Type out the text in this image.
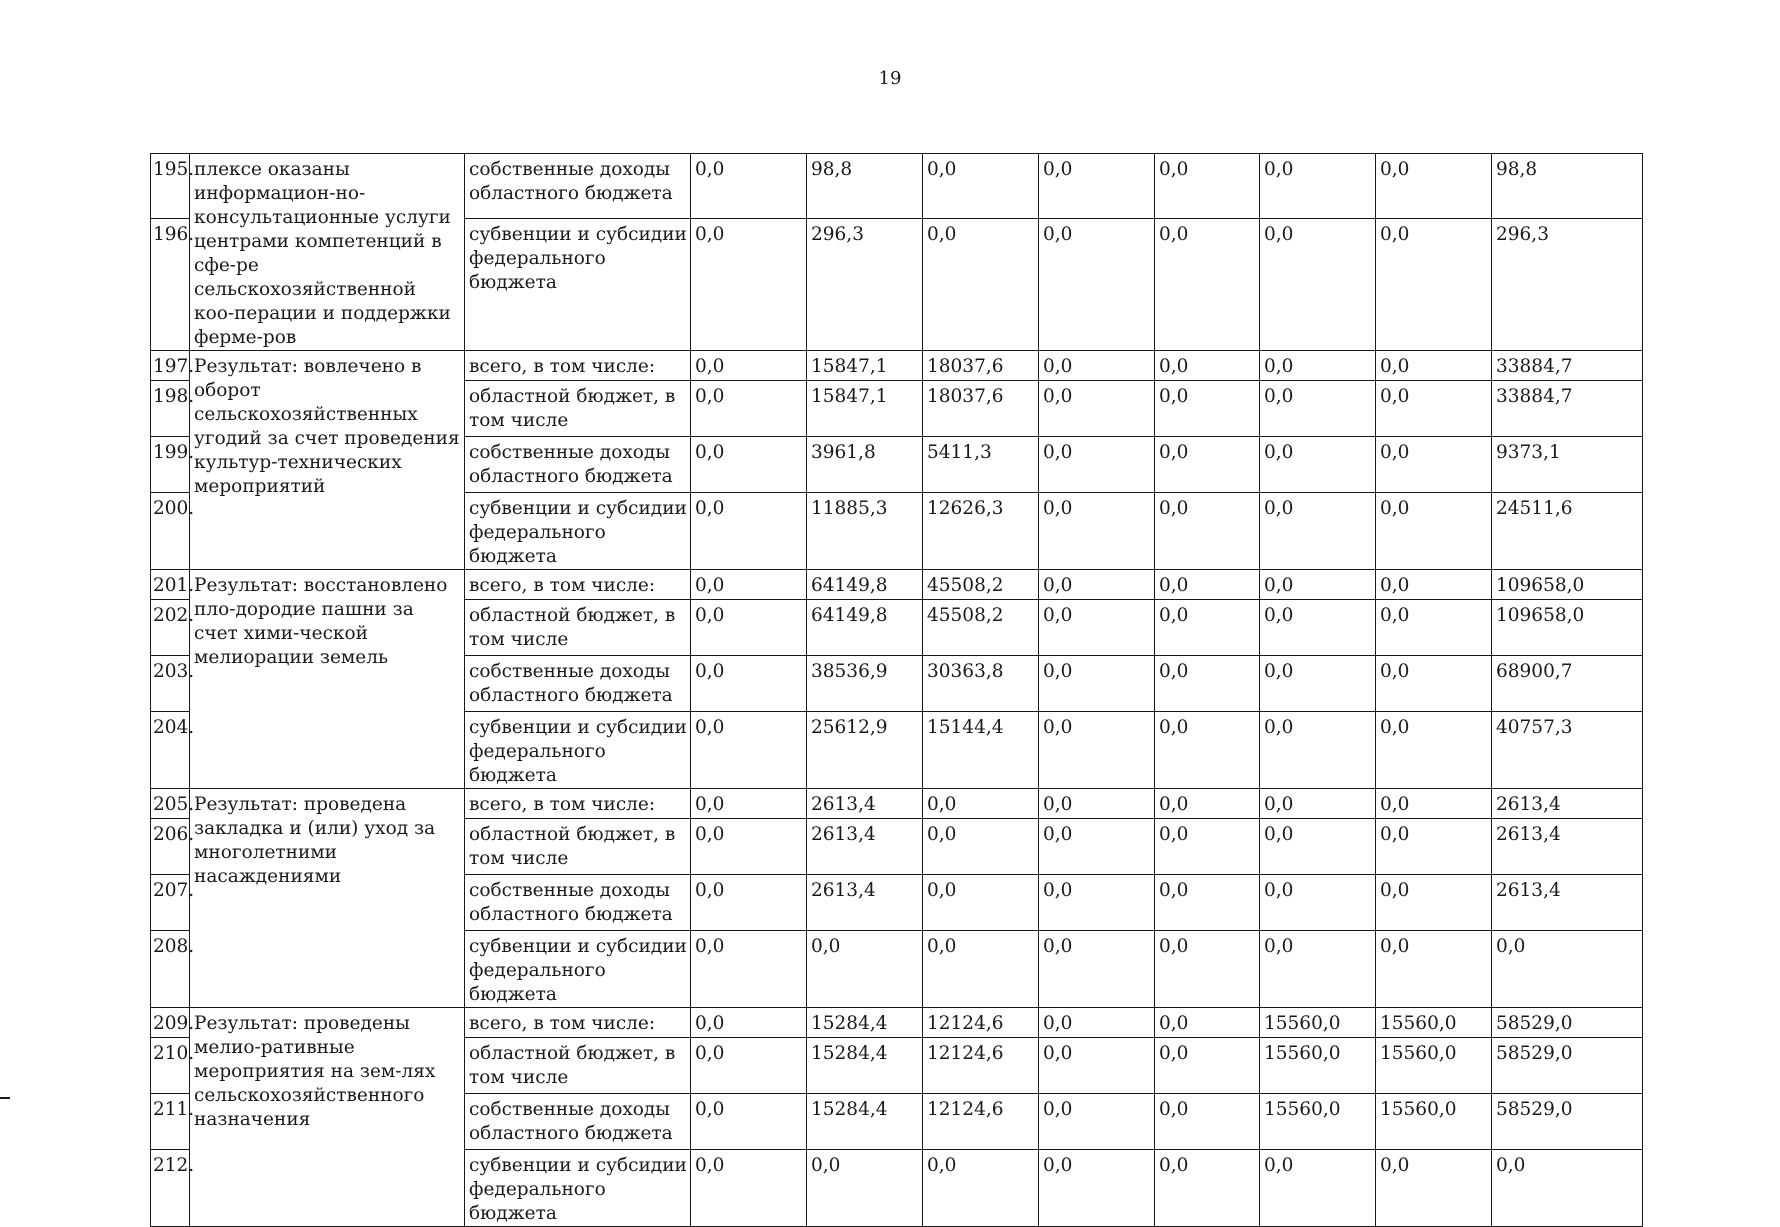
19
195.	плексе оказаны информацион-но-консультационные услуги центрами компетенций в сфе-ре сельскохозяйственной коо-перации и поддержки ферме-ров	собственные доходы областного бюджета	0,0	98,8	0,0	0,0	0,0	0,0	0,0	98,8
196.		субвенции и субсидии федерального бюджета	0,0	296,3	0,0	0,0	0,0	0,0	0,0	296,3
197.	Результат: вовлечено в оборот сельскохозяйственных угодий за счет проведения культур-технических мероприятий	всего, в том числе:	0,0	15847,1	18037,6	0,0	0,0	0,0	0,0	33884,7
198.		областной бюджет, в том числе	0,0	15847,1	18037,6	0,0	0,0	0,0	0,0	33884,7
199.		собственные доходы областного бюджета	0,0	3961,8	5411,3	0,0	0,0	0,0	0,0	9373,1
200.		субвенции и субсидии федерального бюджета	0,0	11885,3	12626,3	0,0	0,0	0,0	0,0	24511,6
201.	Результат: восстановлено пло-дородие пашни за счет хими-ческой мелиорации земель	всего, в том числе:	0,0	64149,8	45508,2	0,0	0,0	0,0	0,0	109658,0
202.		областной бюджет, в том числе	0,0	64149,8	45508,2	0,0	0,0	0,0	0,0	109658,0
203.		собственные доходы областного бюджета	0,0	38536,9	30363,8	0,0	0,0	0,0	0,0	68900,7
204.		субвенции и субсидии федерального бюджета	0,0	25612,9	15144,4	0,0	0,0	0,0	0,0	40757,3
205.	Результат: проведена закладка и (или) уход за многолетними насаждениями	всего, в том числе:	0,0	2613,4	0,0	0,0	0,0	0,0	0,0	2613,4
206.		областной бюджет, в том числе	0,0	2613,4	0,0	0,0	0,0	0,0	0,0	2613,4
207.		собственные доходы областного бюджета	0,0	2613,4	0,0	0,0	0,0	0,0	0,0	2613,4
208.		субвенции и субсидии федерального бюджета	0,0	0,0	0,0	0,0	0,0	0,0	0,0	0,0
209.	Результат: проведены мелио-ративные мероприятия на зем-лях сельскохозяйственного назначения	всего, в том числе:	0,0	15284,4	12124,6	0,0	0,0	15560,0	15560,0	58529,0
210.		областной бюджет, в том числе	0,0	15284,4	12124,6	0,0	0,0	15560,0	15560,0	58529,0
211.		собственные доходы областного бюджета	0,0	15284,4	12124,6	0,0	0,0	15560,0	15560,0	58529,0
212.		субвенции и субсидии федерального бюджета	0,0	0,0	0,0	0,0	0,0	0,0	0,0	0,0
